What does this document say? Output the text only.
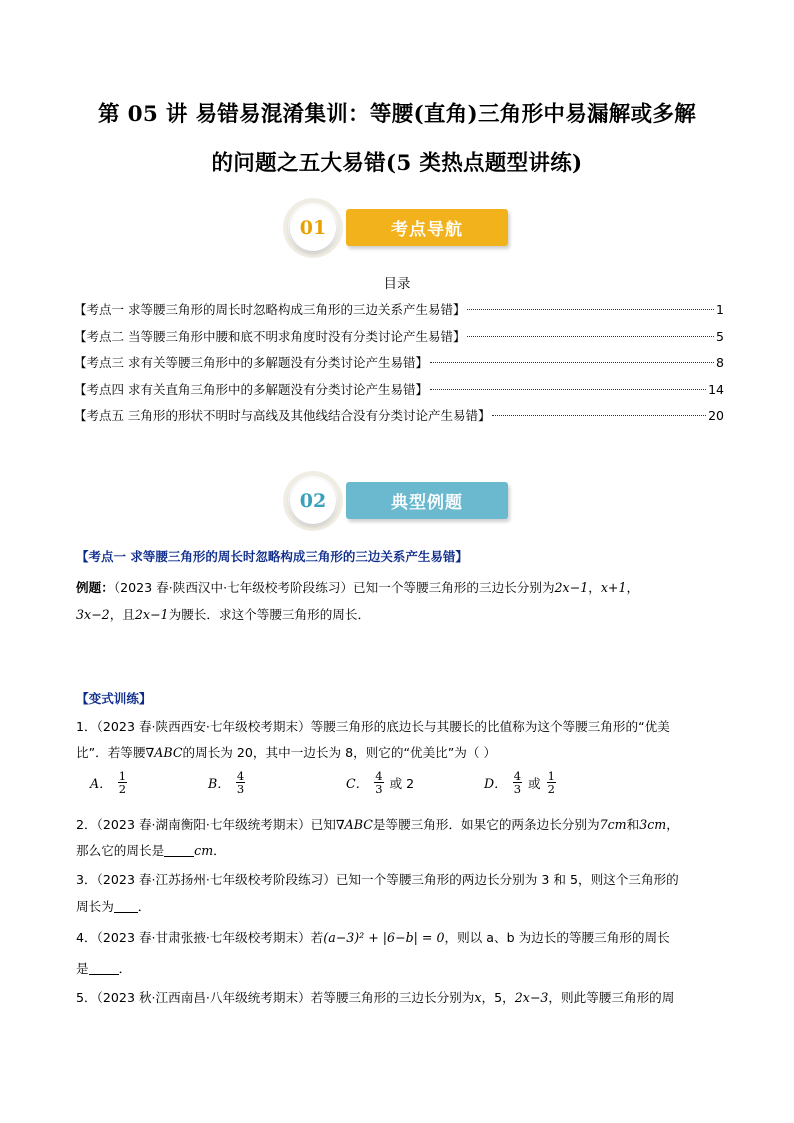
第 05 讲 易错易混淆集训：等腰(直角)三角形中易漏解或多解
的问题之五大易错(5 类热点题型讲练)
01	考点导航
目录
【考点一 求等腰三角形的周长时忽略构成三角形的三边关系产生易错】	1
【考点二 当等腰三角形中腰和底不明求角度时没有分类讨论产生易错】	5
【考点三 求有关等腰三角形中的多解题没有分类讨论产生易错】	8
【考点四 求有关直角三角形中的多解题没有分类讨论产生易错】	14
【考点五 三角形的形状不明时与高线及其他线结合没有分类讨论产生易错】	20
02	典型例题
【考点一 求等腰三角形的周长时忽略构成三角形的三边关系产生易错】
例题：（2023 春·陕西汉中·七年级校考阶段练习）已知一个等腰三角形的三边长分别为2x−1，x+1，
3x−2，且2x−1为腰长．求这个等腰三角形的周长．
【变式训练】
1．（2023 春·陕西西安·七年级校考期末）等腰三角形的底边长与其腰长的比值称为这个等腰三角形的“优美
比”．若等腰∇ABC的周长为 20，其中一边长为 8，则它的“优美比”为（ ）
A． $\frac{1}{2}$	B． $\frac{4}{3}$	C． $\frac{4}{3}$ 或 2	D． $\frac{4}{3}$ 或 $\frac{1}{2}$
2．（2023 春·湖南衡阳·七年级统考期末）已知∇ABC是等腰三角形．如果它的两条边长分别为7cm和3cm，
那么它的周长是 cm．
3．（2023 春·江苏扬州·七年级校考阶段练习）已知一个等腰三角形的两边长分别为 3 和 5，则这个三角形的
周长为 ．
4．（2023 春·甘肃张掖·七年级校考期末）若(a−3)² + |6−b| = 0，则以 a、b 为边长的等腰三角形的周长
是 ．
5．（2023 秋·江西南昌·八年级统考期末）若等腰三角形的三边长分别为x，5，2x−3，则此等腰三角形的周
